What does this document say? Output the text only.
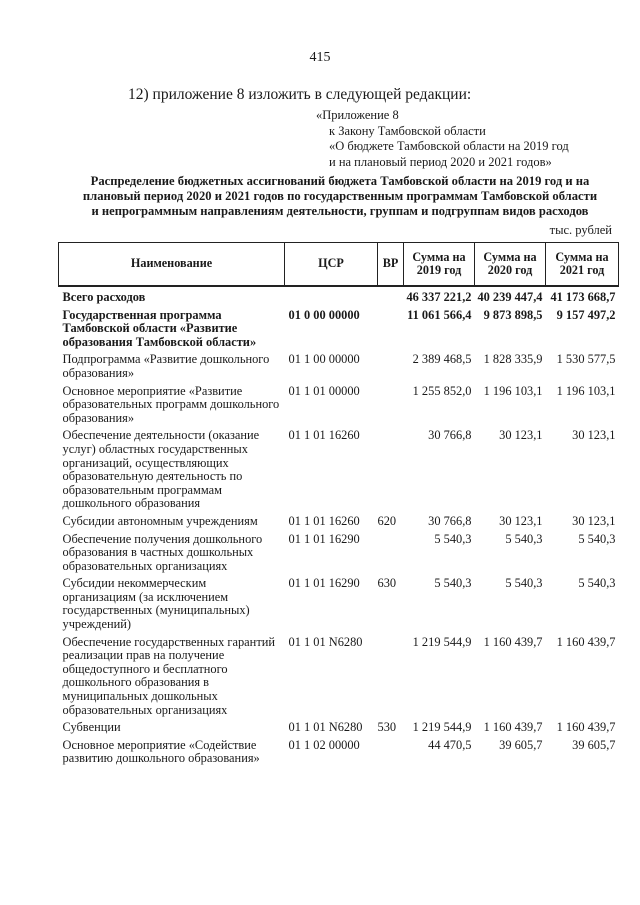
415
12) приложение 8 изложить в следующей редакции:
«Приложение 8
к Закону Тамбовской области
«О бюджете Тамбовской области на 2019 год
и на плановый период 2020 и 2021 годов»
Распределение бюджетных ассигнований бюджета Тамбовской области на 2019 год и на
плановый период 2020 и 2021 годов по государственным программам Тамбовской области
и непрограммным направлениям деятельности, группам и подгруппам видов расходов
тыс. рублей
Наименование	ЦСР	ВР	Сумма на 2019 год	Сумма на 2020 год	Сумма на 2021 год

Всего расходов			46 337 221,2	40 239 447,4	41 173 668,7

Государственная программа Тамбовской области «Развитие образования Тамбовской области»	01 0 00 00000		11 061 566,4	9 873 898,5	9 157 497,2

Подпрограмма «Развитие дошкольного образования»	01 1 00 00000		2 389 468,5	1 828 335,9	1 530 577,5

Основное мероприятие «Развитие образовательных программ дошкольного образования»	01 1 01 00000		1 255 852,0	1 196 103,1	1 196 103,1

Обеспечение деятельности (оказание услуг) областных государственных организаций, осуществляющих образовательную деятельность по образовательным программам дошкольного образования	01 1 01 16260		30 766,8	30 123,1	30 123,1

Субсидии автономным учреждениям	01 1 01 16260	620	30 766,8	30 123,1	30 123,1

Обеспечение получения дошкольного образования в частных дошкольных образовательных организациях	01 1 01 16290		5 540,3	5 540,3	5 540,3

Субсидии некоммерческим организациям (за исключением государственных (муниципальных) учреждений)	01 1 01 16290	630	5 540,3	5 540,3	5 540,3

Обеспечение государственных гарантий реализации прав на получение общедоступного и бесплатного дошкольного образования в муниципальных дошкольных образовательных организациях	01 1 01 N6280		1 219 544,9	1 160 439,7	1 160 439,7

Субвенции	01 1 01 N6280	530	1 219 544,9	1 160 439,7	1 160 439,7

Основное мероприятие «Содействие развитию дошкольного образования»	01 1 02 00000		44 470,5	39 605,7	39 605,7
